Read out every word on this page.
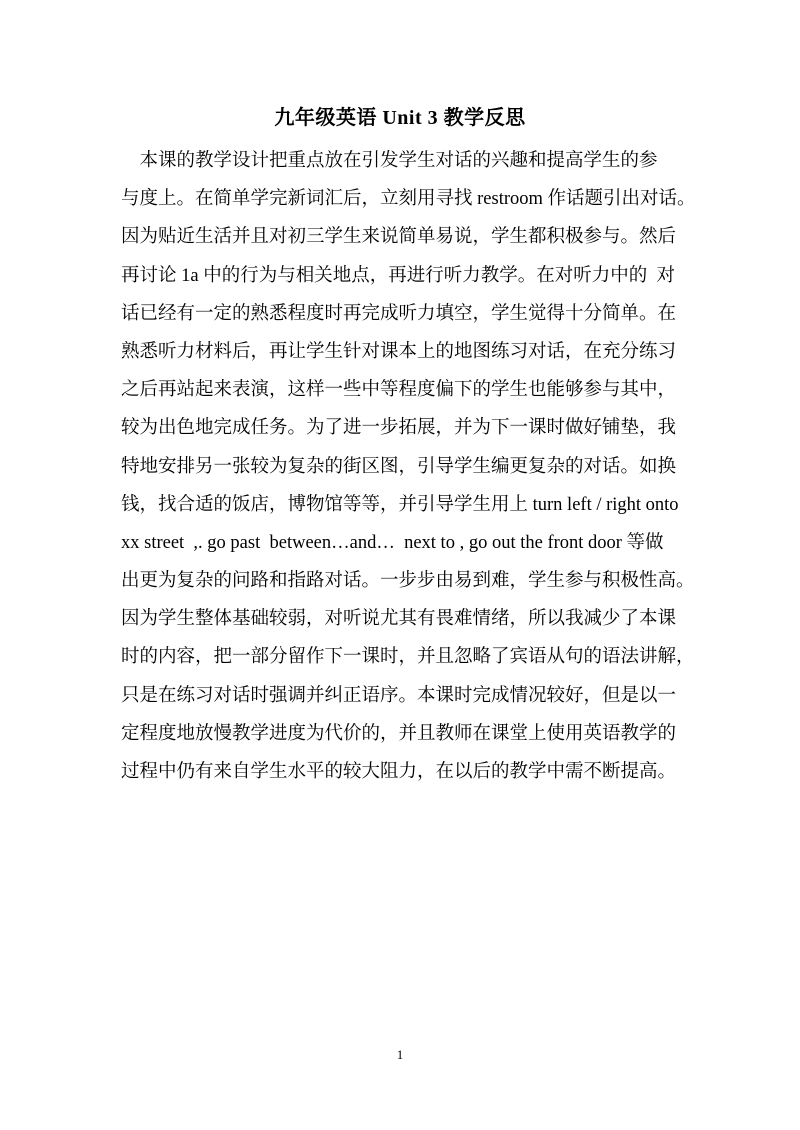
九年级英语 Unit 3 教学反思
本课的教学设计把重点放在引发学生对话的兴趣和提高学生的参
与度上。在简单学完新词汇后，立刻用寻找 restroom 作话题引出对话。
因为贴近生活并且对初三学生来说简单易说，学生都积极参与。然后
再讨论 1a 中的行为与相关地点，再进行听力教学。在对听力中的  对
话已经有一定的熟悉程度时再完成听力填空，学生觉得十分简单。在
熟悉听力材料后，再让学生针对课本上的地图练习对话，在充分练习
之后再站起来表演，这样一些中等程度偏下的学生也能够参与其中，
较为出色地完成任务。为了进一步拓展，并为下一课时做好铺垫，我
特地安排另一张较为复杂的街区图，引导学生编更复杂的对话。如换
钱，找合适的饭店，博物馆等等，并引导学生用上 turn left / right onto
xx street  ,. go past  between…and…  next to , go out the front door 等做
出更为复杂的问路和指路对话。一步步由易到难，学生参与积极性高。
因为学生整体基础较弱，对听说尤其有畏难情绪，所以我减少了本课
时的内容，把一部分留作下一课时，并且忽略了宾语从句的语法讲解，
只是在练习对话时强调并纠正语序。本课时完成情况较好，但是以一
定程度地放慢教学进度为代价的，并且教师在课堂上使用英语教学的
过程中仍有来自学生水平的较大阻力，在以后的教学中需不断提高。
1
